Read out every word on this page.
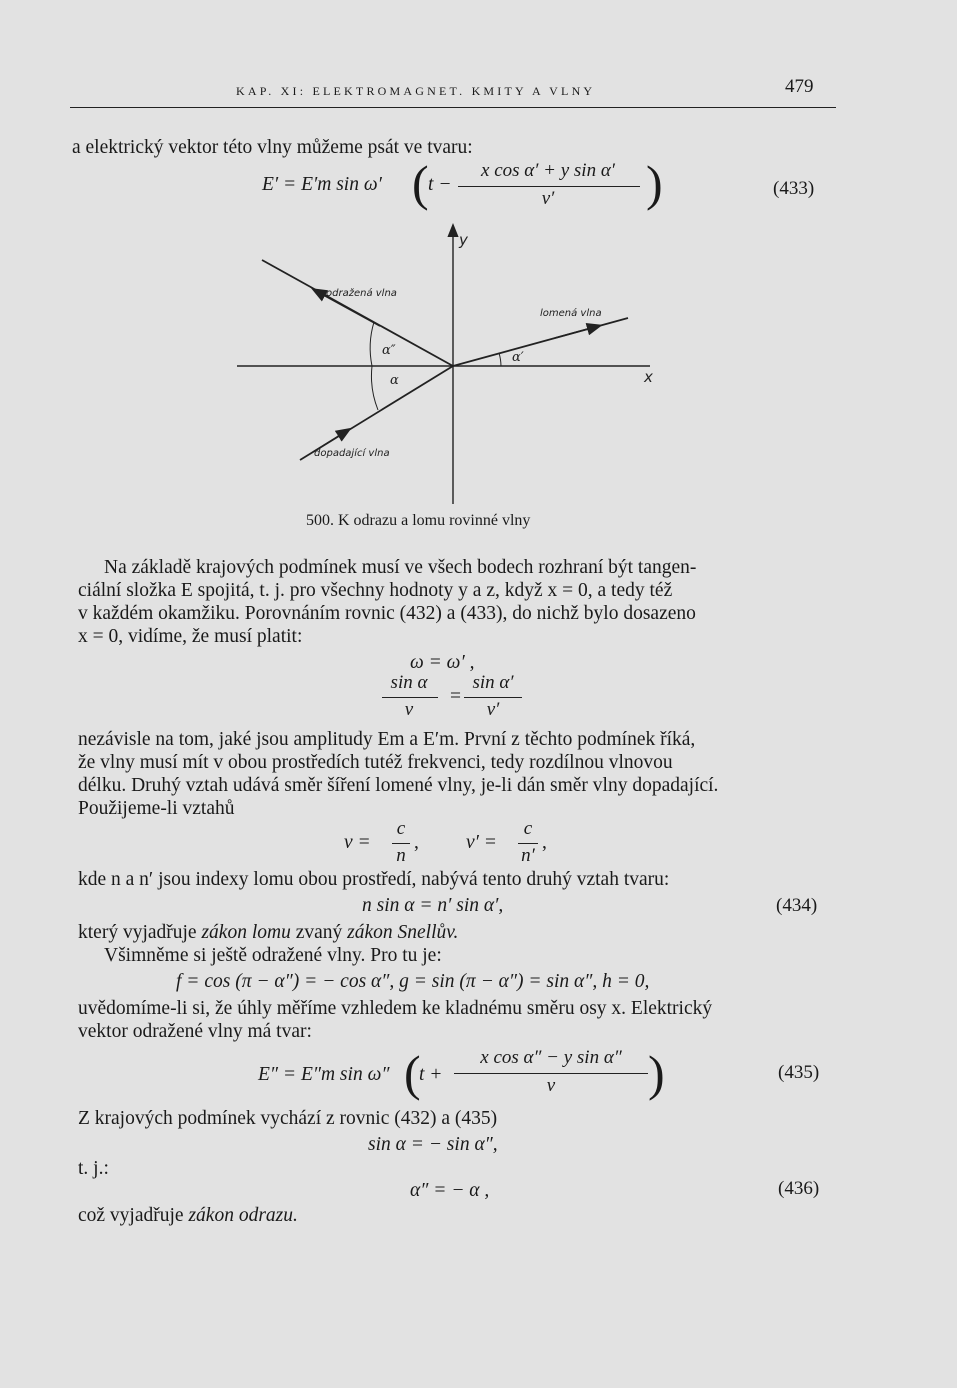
KAP. XI: ELEKTROMAGNET. KMITY A VLNY	479
a elektrický vektor této vlny můžeme psát ve tvaru:
E′ = E′m sin ω′ ( t −
x cos α′ + y sin α′
v′	)	(433)
y
x
odražená vlna
lomená vlna
dopadající vlna
α″
α
α′
500. K odrazu a lomu rovinné vlny
Na základě krajových podmínek musí ve všech bodech rozhraní být tangen-
ciální složka E spojitá, t. j. pro všechny hodnoty y a z, když x = 0, a tedy též
v každém okamžiku. Porovnáním rovnic (432) a (433), do nichž bylo dosazeno
x = 0, vidíme, že musí platit:
ω = ω′ ,
sin α
v
=
sin α′
v′
nezávisle na tom, jaké jsou amplitudy Em a E′m. První z těchto podmínek říká,
že vlny musí mít v obou prostředích tutéž frekvenci, tedy rozdílnou vlnovou
délku. Druhý vztah udává směr šíření lomené vlny, je-li dán směr vlny dopadající.
Použijeme-li vztahů
v =
c
n
, v′ =
c
n′
,
kde n a n′ jsou indexy lomu obou prostředí, nabývá tento druhý vztah tvaru:
n sin α = n′ sin α′,	(434)
který vyjadřuje zákon lomu zvaný zákon Snellův.
Všimněme si ještě odražené vlny. Pro tu je:
f = cos (π − α″) = − cos α″, g = sin (π − α″) = sin α″, h = 0,
uvědomíme-li si, že úhly měříme vzhledem ke kladnému směru osy x. Elektrický
vektor odražené vlny má tvar:
E″ = E″m sin ω″ (
t +
x cos α″ − y sin α″
v	)	(435)
Z krajových podmínek vychází z rovnic (432) a (435)
sin α = − sin α″,
t. j.:
α″ = − α ,	(436)
což vyjadřuje zákon odrazu.
